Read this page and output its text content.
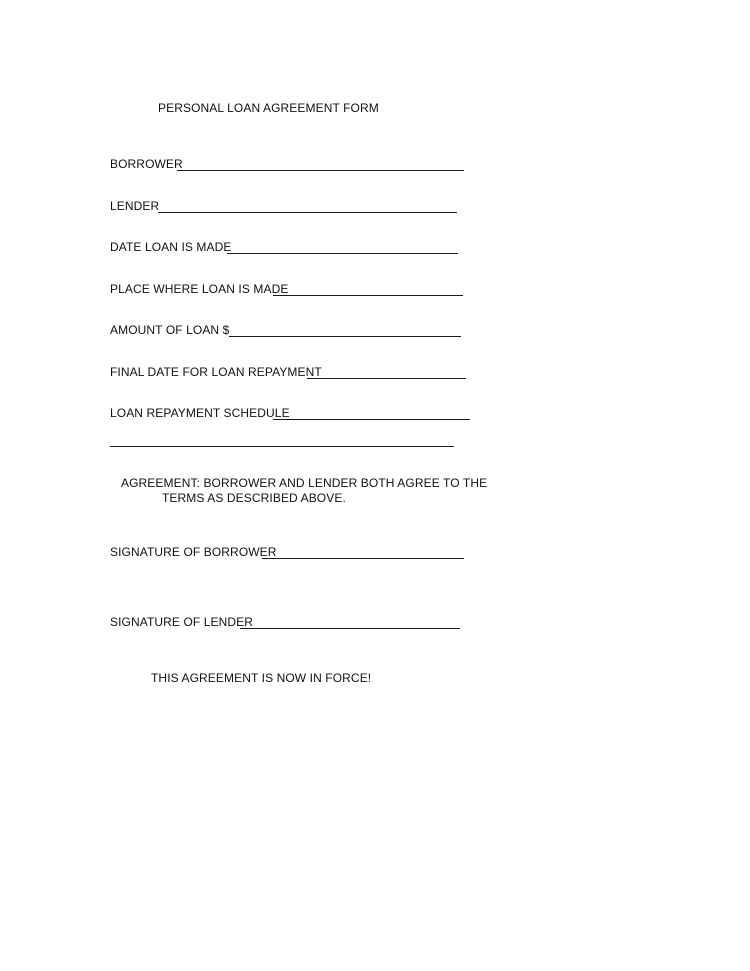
PERSONAL LOAN AGREEMENT FORM
BORROWER
LENDER
DATE LOAN IS MADE
PLACE WHERE LOAN IS MADE
AMOUNT OF LOAN $
FINAL DATE FOR LOAN REPAYMENT
LOAN REPAYMENT SCHEDULE
AGREEMENT: BORROWER AND LENDER BOTH AGREE TO THE
TERMS AS DESCRIBED ABOVE.
SIGNATURE OF BORROWER
SIGNATURE OF LENDER
THIS AGREEMENT IS NOW IN FORCE!
